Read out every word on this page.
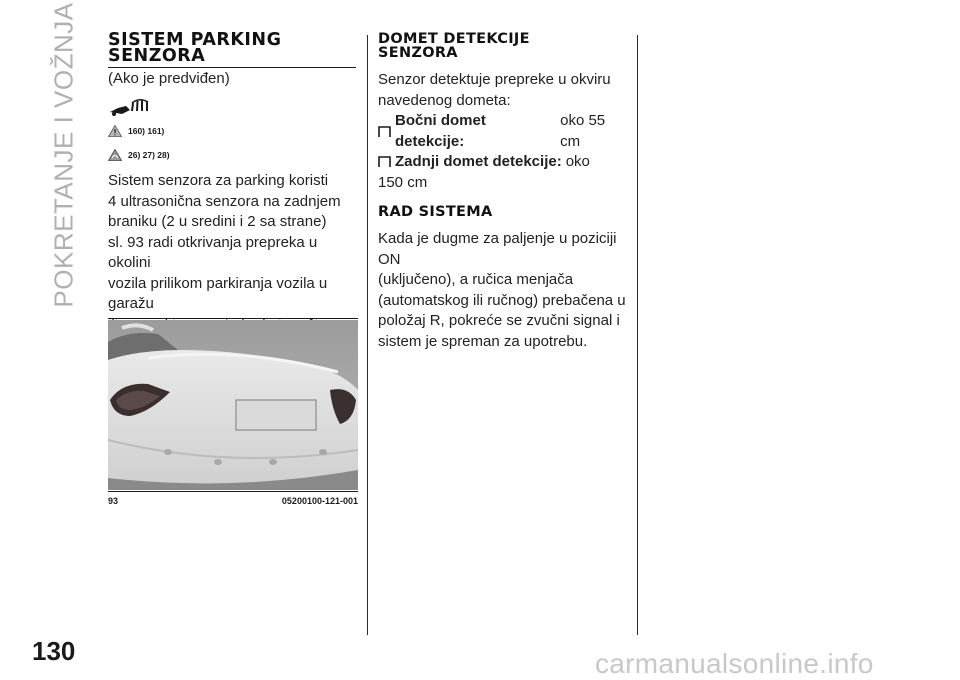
POKRETANJE I VOŽNJA SISTEM PARKING
SENZORA
(Ako je predviđen)
160) 161)
26) 27) 28)

Sistem senzora za parking koristi
4 ultrasonična senzora na zadnjem
braniku (2 u sredini i 2 sa strane)
sl. 93 radi otkrivanja prepreka u okolini
vozila prilikom parkiranja vozila u garažu

93	05200100-121-001
DOMET DETEKCIJE
SENZORA
Senzor detektuje prepreke u okviru
navedenog dometa:
Bočni domet detekcije:
oko 55 cm
Zadnji domet detekcije: oko
150 cm
RAD SISTEMA

Kada je dugme za paljenje u poziciji ON
(uključeno), a ručica menjača
(automatskog ili ručnog) prebačena u
položaj R, pokreće se zvučni signal i
sistem je spreman za upotrebu.

130	carmanualsonline.info
